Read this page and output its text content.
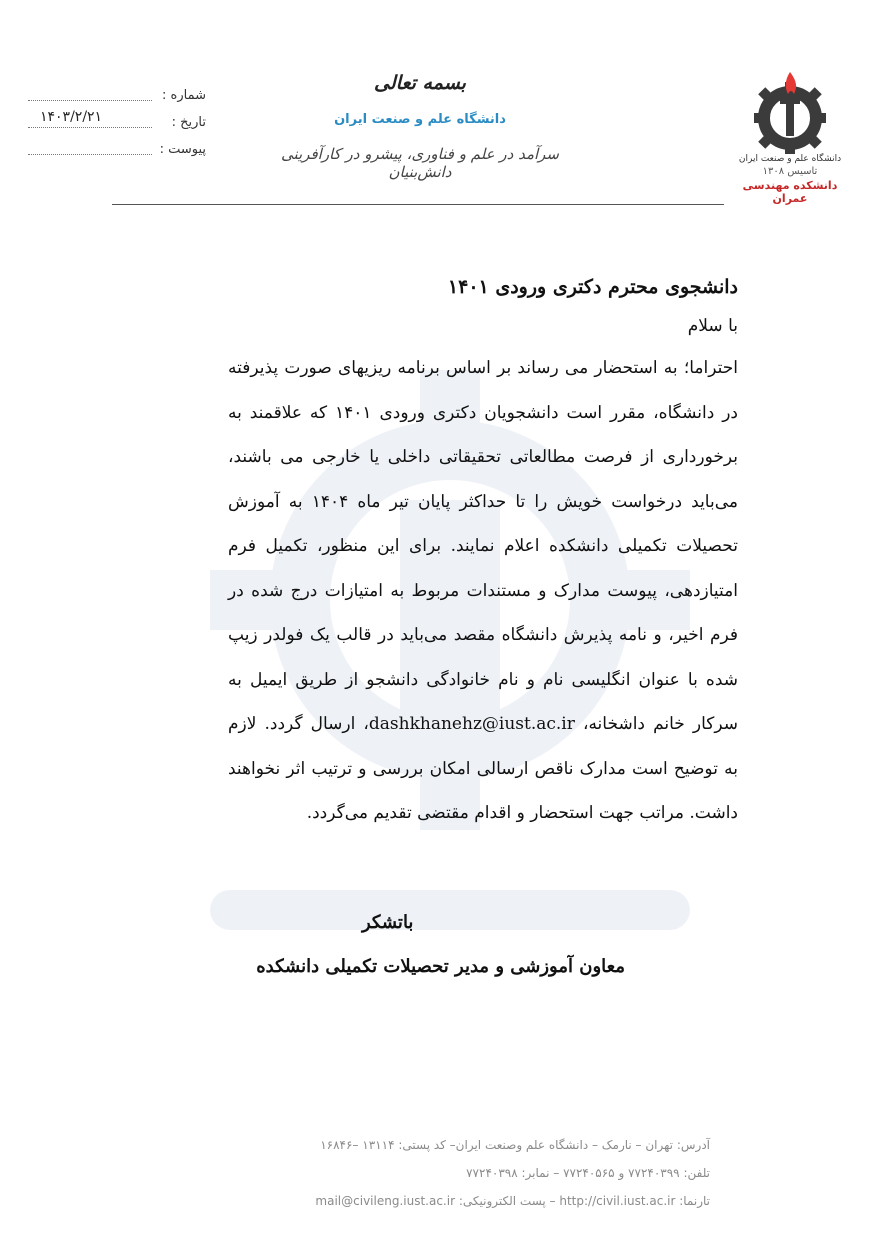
شماره :
تاریخ :
۱۴۰۳/۲/۲۱
پیوست :
بسمه تعالی
دانشگاه علم و صنعت ایران
سرآمد در علم و فناوری، پیشرو در کارآفرینی دانش‌بنیان
دانشگاه علم و صنعت ایران
تاسیس ۱۳۰۸
دانشکده مهندسی عمران

دانشجوی محترم دکتری ورودی ۱۴۰۱

با سلام

احتراما؛ به استحضار می رساند بر اساس برنامه ریزیهای صورت پذیرفته در دانشگاه، مقرر است دانشجویان دکتری ورودی ۱۴۰۱ که علاقمند به برخورداری از فرصت مطالعاتی تحقیقاتی داخلی یا خارجی می باشند، می‌باید درخواست خویش را تا حداکثر پایان تیر ماه ۱۴۰۴ به آموزش تحصیلات تکمیلی دانشکده اعلام نمایند. برای این منظور، تکمیل فرم امتیازدهی، پیوست مدارک و مستندات مربوط به امتیازات درج شده در فرم اخیر، و نامه پذیرش دانشگاه مقصد می‌باید در قالب یک فولدر زیپ شده با عنوان انگلیسی نام و نام خانوادگی دانشجو از طریق ایمیل به سرکار خانم داشخانه، dashkhanehz@iust.ac.ir، ارسال گردد. لازم به توضیح است مدارک ناقص ارسالی امکان بررسی و ترتیب اثر نخواهند داشت. مراتب جهت استحضار و اقدام مقتضی تقدیم می‌گردد.

باتشکر
معاون آموزشی و مدیر تحصیلات تکمیلی دانشکده
آدرس: تهران – نارمک – دانشگاه علم وصنعت ایران– کد پستی: ۱۳۱۱۴ –۱۶۸۴۶
تلفن: ۷۷۲۴۰۳۹۹ و ۷۷۲۴۰۵۶۵ – نمابر: ۷۷۲۴۰۳۹۸
تارنما: http://civil.iust.ac.ir – پست الکترونیکی: mail@civileng.iust.ac.ir
